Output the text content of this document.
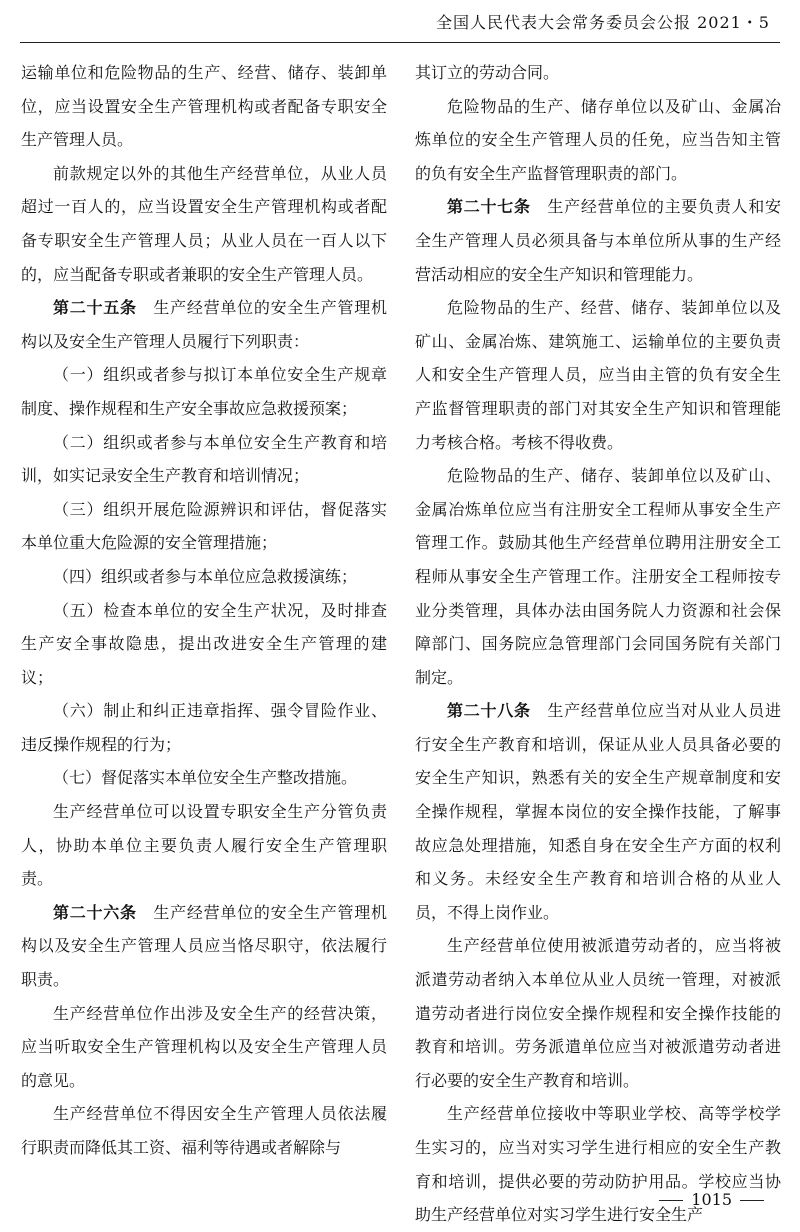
全国人民代表大会常务委员会公报 2021・5

运输单位和危险物品的生产、经营、储存、装卸单位，应当设置安全生产管理机构或者配备专职安全生产管理人员。

前款规定以外的其他生产经营单位，从业人员超过一百人的，应当设置安全生产管理机构或者配备专职安全生产管理人员；从业人员在一百人以下的，应当配备专职或者兼职的安全生产管理人员。

第二十五条　生产经营单位的安全生产管理机构以及安全生产管理人员履行下列职责：

（一）组织或者参与拟订本单位安全生产规章制度、操作规程和生产安全事故应急救援预案；

（二）组织或者参与本单位安全生产教育和培训，如实记录安全生产教育和培训情况；

（三）组织开展危险源辨识和评估，督促落实本单位重大危险源的安全管理措施；

（四）组织或者参与本单位应急救援演练；

（五）检查本单位的安全生产状况，及时排查生产安全事故隐患，提出改进安全生产管理的建议；

（六）制止和纠正违章指挥、强令冒险作业、违反操作规程的行为；

（七）督促落实本单位安全生产整改措施。

生产经营单位可以设置专职安全生产分管负责人，协助本单位主要负责人履行安全生产管理职责。

第二十六条　生产经营单位的安全生产管理机构以及安全生产管理人员应当恪尽职守，依法履行职责。

生产经营单位作出涉及安全生产的经营决策，应当听取安全生产管理机构以及安全生产管理人员的意见。

生产经营单位不得因安全生产管理人员依法履行职责而降低其工资、福利等待遇或者解除与

其订立的劳动合同。

危险物品的生产、储存单位以及矿山、金属冶炼单位的安全生产管理人员的任免，应当告知主管的负有安全生产监督管理职责的部门。

第二十七条　生产经营单位的主要负责人和安全生产管理人员必须具备与本单位所从事的生产经营活动相应的安全生产知识和管理能力。

危险物品的生产、经营、储存、装卸单位以及矿山、金属冶炼、建筑施工、运输单位的主要负责人和安全生产管理人员，应当由主管的负有安全生产监督管理职责的部门对其安全生产知识和管理能力考核合格。考核不得收费。

危险物品的生产、储存、装卸单位以及矿山、金属冶炼单位应当有注册安全工程师从事安全生产管理工作。鼓励其他生产经营单位聘用注册安全工程师从事安全生产管理工作。注册安全工程师按专业分类管理，具体办法由国务院人力资源和社会保障部门、国务院应急管理部门会同国务院有关部门制定。

第二十八条　生产经营单位应当对从业人员进行安全生产教育和培训，保证从业人员具备必要的安全生产知识，熟悉有关的安全生产规章制度和安全操作规程，掌握本岗位的安全操作技能，了解事故应急处理措施，知悉自身在安全生产方面的权利和义务。未经安全生产教育和培训合格的从业人员，不得上岗作业。

生产经营单位使用被派遣劳动者的，应当将被派遣劳动者纳入本单位从业人员统一管理，对被派遣劳动者进行岗位安全操作规程和安全操作技能的教育和培训。劳务派遣单位应当对被派遣劳动者进行必要的安全生产教育和培训。

生产经营单位接收中等职业学校、高等学校学生实习的，应当对实习学生进行相应的安全生产教育和培训，提供必要的劳动防护用品。学校应当协助生产经营单位对实习学生进行安全生产

1015
